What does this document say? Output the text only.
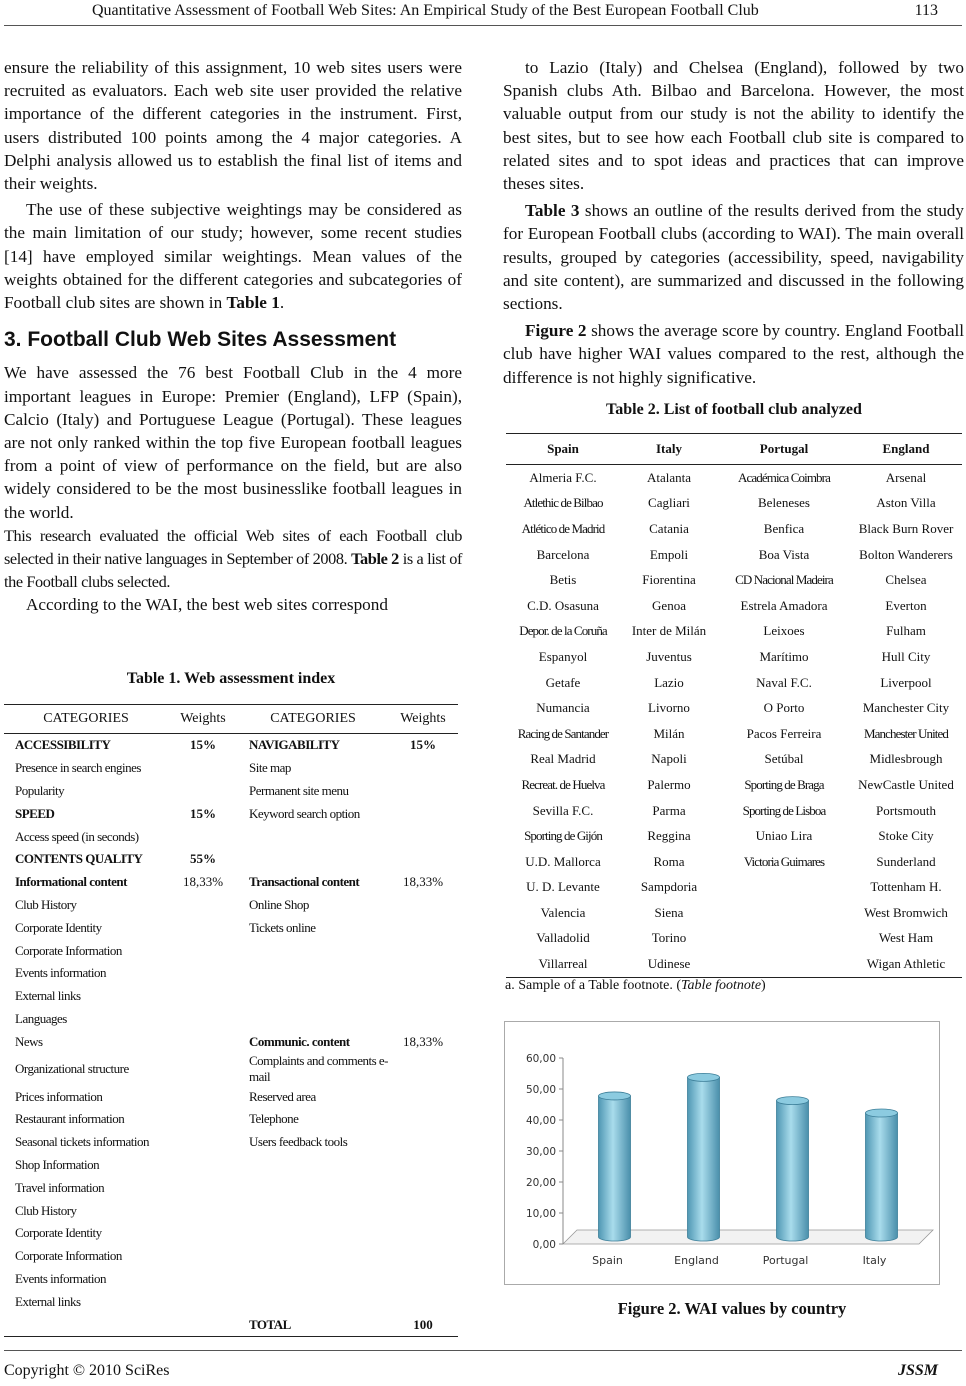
Quantitative Assessment of Football Web Sites: An Empirical Study of the Best European Football Club	113

ensure the reliability of this assignment, 10 web sites users were recruited as evaluators. Each web site user provided the relative importance of the different categories in the instrument. First, users distributed 100 points among the 4 major categories. A Delphi analysis allowed us to establish the final list of items and their weights.

The use of these subjective weightings may be considered as the main limitation of our study; however, some recent studies [14] have employed similar weightings. Mean values of the weights obtained for the different categories and subcategories of Football club sites are shown in Table 1.

3. Football Club Web Sites Assessment

We have assessed the 76 best Football Club in the 4 more important leagues in Europe: Premier (England), LFP (Spain), Calcio (Italy) and Portuguese League (Portugal). These leagues are not only ranked within the top five European football leagues from a point of view of performance on the field, but are also widely considered to be the most businesslike football leagues in the world.

This research evaluated the official Web sites of each Football club selected in their native languages in September of 2008. Table 2 is a list of the Football clubs selected.

According to the WAI, the best web sites correspond

Table 1. Web assessment index
CATEGORIES	Weights	CATEGORIES	Weights
ACCESSIBILITY	15%	NAVIGABILITY	15%
Presence in search engines		Site map	
Popularity		Permanent site menu	
SPEED	15%	Keyword search option	
Access speed (in seconds)			
CONTENTS QUALITY	55%		
Informational content	18,33%	Transactional content	18,33%
Club History		Online Shop	
Corporate Identity		Tickets online	
Corporate Information			
Events information			
External links			
Languages			
News		Communic. content	18,33%
Organizational structure		Complaints and comments e-mail	
Prices information		Reserved area	
Restaurant information		Telephone	
Seasonal tickets information		Users feedback tools	
Shop Information			
Travel information			
Club History			
Corporate Identity			
Corporate Information			
Events information			
External links			
		TOTAL	100

to Lazio (Italy) and Chelsea (England), followed by two Spanish clubs Ath. Bilbao and Barcelona. However, the most valuable output from our study is not the ability to identify the best sites, but to see how each Football club site is compared to related sites and to spot ideas and practices that can improve theses sites.

Table 3 shows an outline of the results derived from the study for European Football clubs (according to WAI). The main overall results, grouped by categories (accessibility, speed, navigability and site content), are summarized and discussed in the following sections.

Figure 2 shows the average score by country. England Football club have higher WAI values compared to the rest, although the difference is not highly significative.

Table 2. List of football club analyzed
Spain	Italy	Portugal	England
Almeria F.C.	Atalanta	Académica Coimbra	Arsenal
Atlethic de Bilbao	Cagliari	Beleneses	Aston Villa
Atlético de Madrid	Catania	Benfica	Black Burn Rover
Barcelona	Empoli	Boa Vista	Bolton Wanderers
Betis	Fiorentina	CD Nacional Madeira	Chelsea
C.D. Osasuna	Genoa	Estrela Amadora	Everton
Depor. de la Coruña	Inter de Milán	Leixoes	Fulham
Espanyol	Juventus	Marítimo	Hull City
Getafe	Lazio	Naval F.C.	Liverpool
Numancia	Livorno	O Porto	Manchester City
Racing de Santander	Milán	Pacos Ferreira	Manchester United
Real Madrid	Napoli	Setúbal	Midlesbrough
Recreat. de Huelva	Palermo	Sporting de Braga	NewCastle United
Sevilla F.C.	Parma	Sporting de Lisboa	Portsmouth
Sporting de Gijón	Reggina	Uniao Lira	Stoke City
U.D. Mallorca	Roma	Victoria Guimares	Sunderland
U. D. Levante	Sampdoria		Tottenham H.
Valencia	Siena		West Bromwich
Valladolid	Torino		West Ham
Villarreal	Udinese		Wigan Athletic
a. Sample of a Table footnote. (Table footnote)
0,00
10,00
20,00
30,00
40,00
50,00
60,00
Spain	England	Portugal	Italy
Figure 2. WAI values by country
Copyright © 2010 SciRes	JSSM
